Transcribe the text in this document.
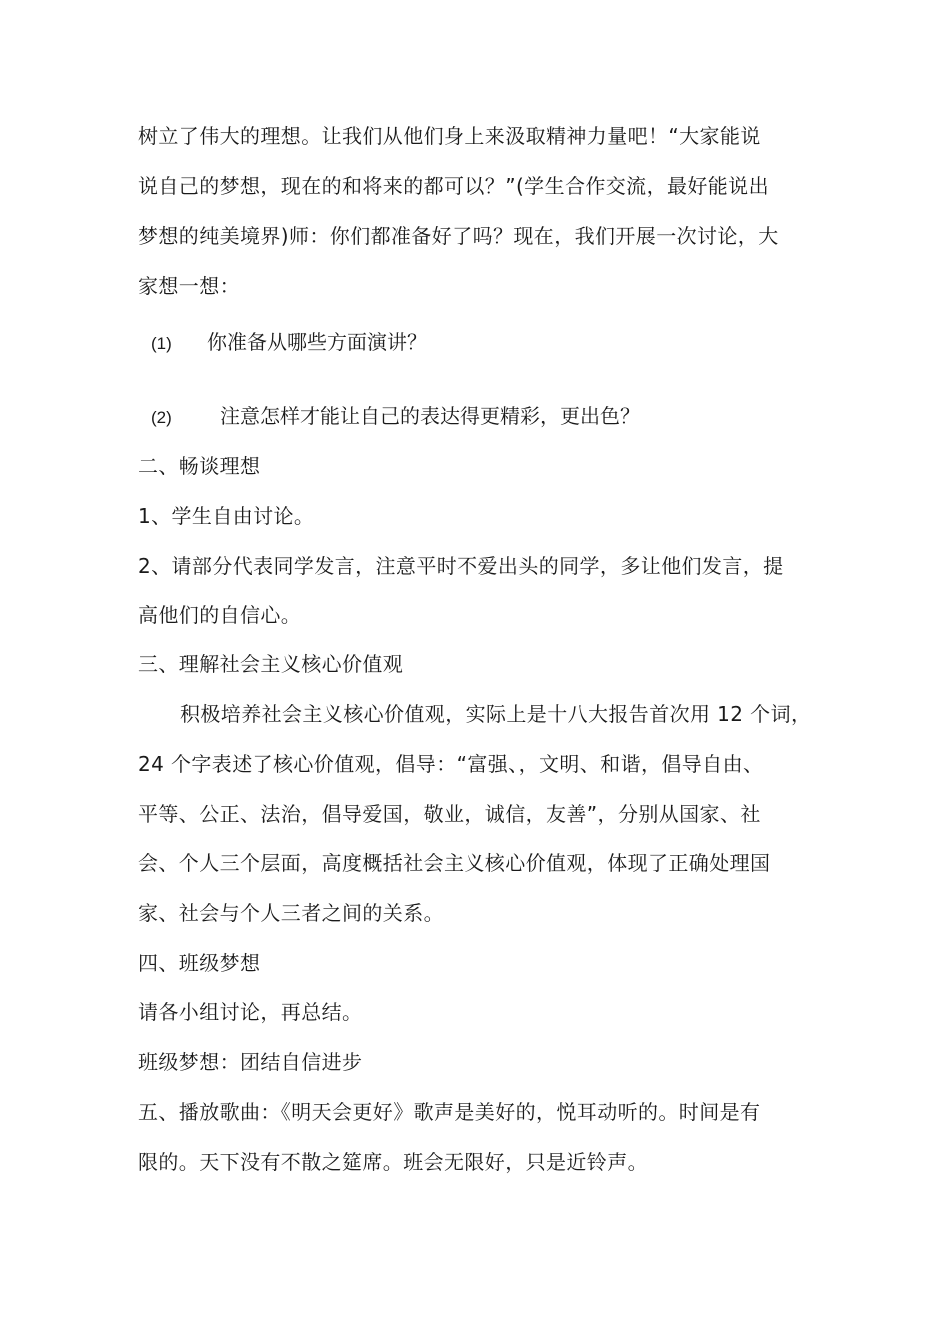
树立了伟大的理想。让我们从他们身上来汲取精神力量吧！“大家能说
说自己的梦想，现在的和将来的都可以？”(学生合作交流，最好能说出
梦想的纯美境界)师：你们都准备好了吗？现在，我们开展一次讨论，大
家想一想：
(1) 你准备从哪些方面演讲？
(2) 注意怎样才能让自己的表达得更精彩，更出色？
二、畅谈理想
1、学生自由讨论。
2、请部分代表同学发言，注意平时不爱出头的同学，多让他们发言，提
高他们的自信心。
三、理解社会主义核心价值观
积极培养社会主义核心价值观，实际上是十八大报告首次用 12 个词，
24 个字表述了核心价值观，倡导：“富强、，文明、和谐，倡导自由、
平等、公正、法治，倡导爱国，敬业，诚信，友善”，分别从国家、社
会、个人三个层面，高度概括社会主义核心价值观，体现了正确处理国
家、社会与个人三者之间的关系。
四、班级梦想
请各小组讨论，再总结。
班级梦想：团结自信进步
五、播放歌曲：《明天会更好》歌声是美好的，悦耳动听的。时间是有
限的。天下没有不散之筵席。班会无限好，只是近铃声。
